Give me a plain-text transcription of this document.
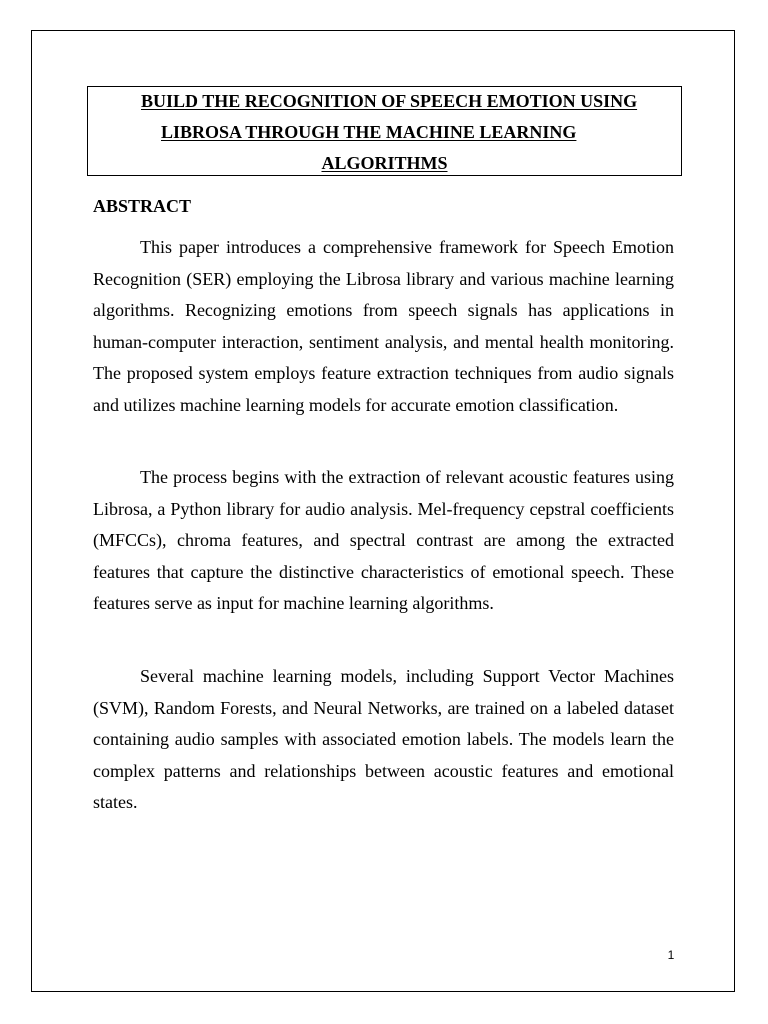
BUILD THE RECOGNITION OF SPEECH EMOTION USING

LIBROSA THROUGH THE MACHINE LEARNING

ALGORITHMS

ABSTRACT

This paper introduces a comprehensive framework for Speech Emotion Recognition (SER) employing the Librosa library and various machine learning algorithms. Recognizing emotions from speech signals has applications in human-computer interaction, sentiment analysis, and mental health monitoring. The proposed system employs feature extraction techniques from audio signals and utilizes machine learning models for accurate emotion classification.

The process begins with the extraction of relevant acoustic features using Librosa, a Python library for audio analysis. Mel-frequency cepstral coefficients (MFCCs), chroma features, and spectral contrast are among the extracted features that capture the distinctive characteristics of emotional speech. These features serve as input for machine learning algorithms.

Several machine learning models, including Support Vector Machines (SVM), Random Forests, and Neural Networks, are trained on a labeled dataset containing audio samples with associated emotion labels. The models learn the complex patterns and relationships between acoustic features and emotional states.

1
